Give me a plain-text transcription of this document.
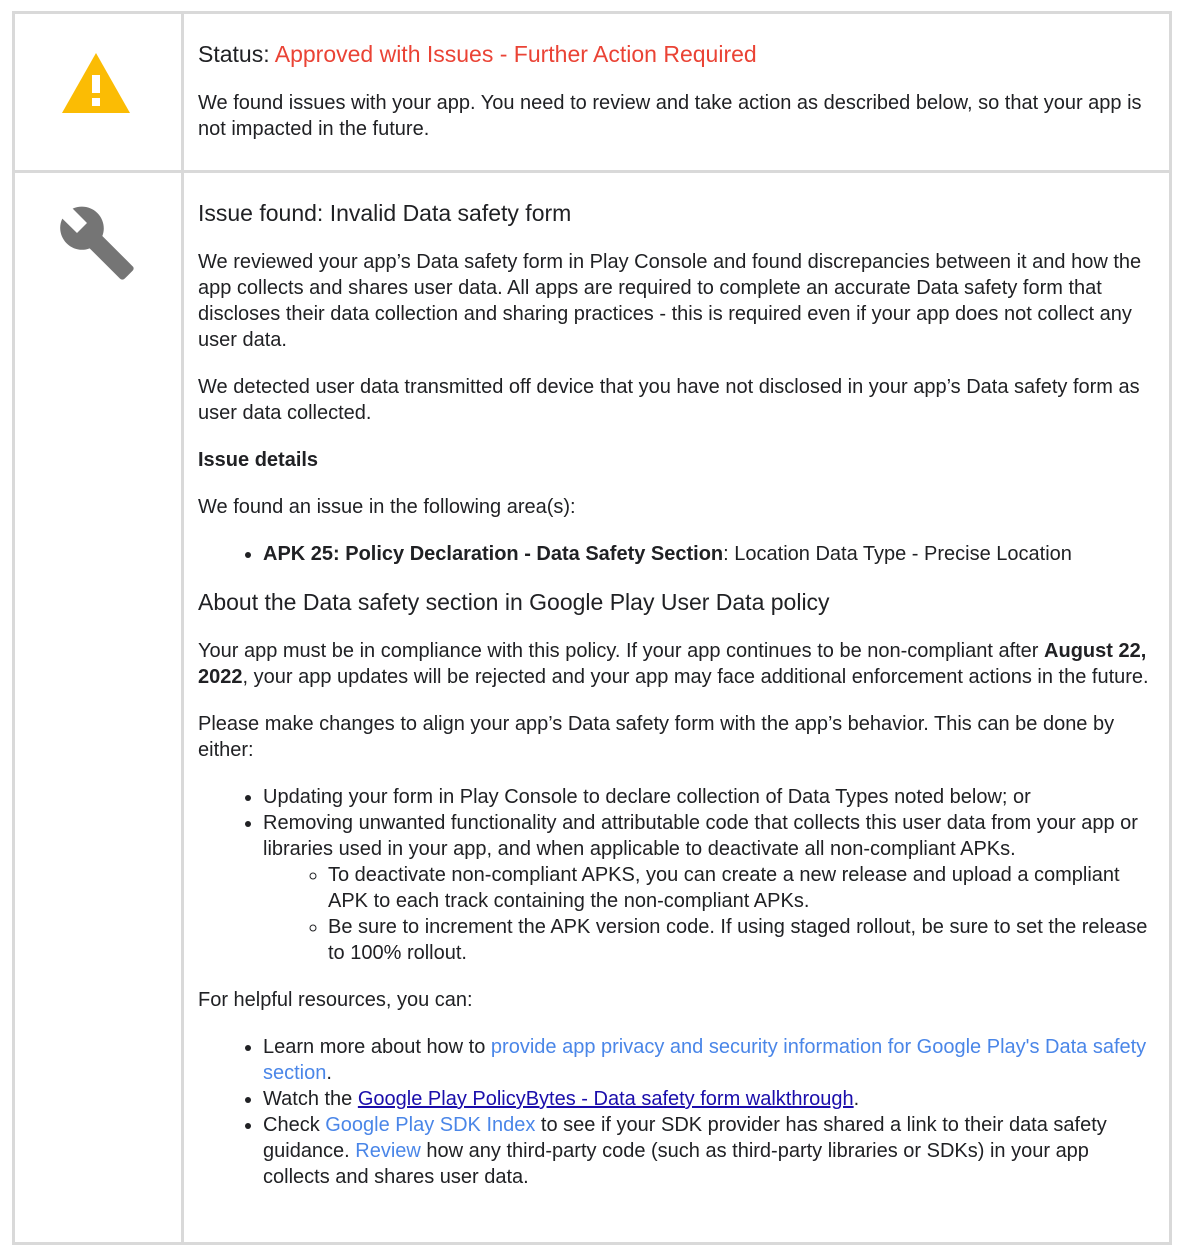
Status: Approved with Issues - Further Action Required

We found issues with your app. You need to review and take action as described below, so that your app is not impacted in the future.

Issue found: Invalid Data safety form

We reviewed your app’s Data safety form in Play Console and found discrepancies between it and how the app collects and shares user data. All apps are required to complete an accurate Data safety form that discloses their data collection and sharing practices - this is required even if your app does not collect any user data.

We detected user data transmitted off device that you have not disclosed in your app’s Data safety form as user data collected.

Issue details

We found an issue in the following area(s):

• APK 25: Policy Declaration - Data Safety Section: Location Data Type - Precise Location

About the Data safety section in Google Play User Data policy

Your app must be in compliance with this policy. If your app continues to be non-compliant after August 22, 2022, your app updates will be rejected and your app may face additional enforcement actions in the future.

Please make changes to align your app’s Data safety form with the app’s behavior. This can be done by either:

• Updating your form in Play Console to declare collection of Data Types noted below; or
• Removing unwanted functionality and attributable code that collects this user data from your app or libraries used in your app, and when applicable to deactivate all non-compliant APKs.
◦ To deactivate non-compliant APKS, you can create a new release and upload a compliant APK to each track containing the non-compliant APKs.
◦ Be sure to increment the APK version code. If using staged rollout, be sure to set the release to 100% rollout.

For helpful resources, you can:

• Learn more about how to provide app privacy and security information for Google Play's Data safety section.
• Watch the Google Play PolicyBytes - Data safety form walkthrough.
• Check Google Play SDK Index to see if your SDK provider has shared a link to their data safety guidance. Review how any third-party code (such as third-party libraries or SDKs) in your app collects and shares user data.
